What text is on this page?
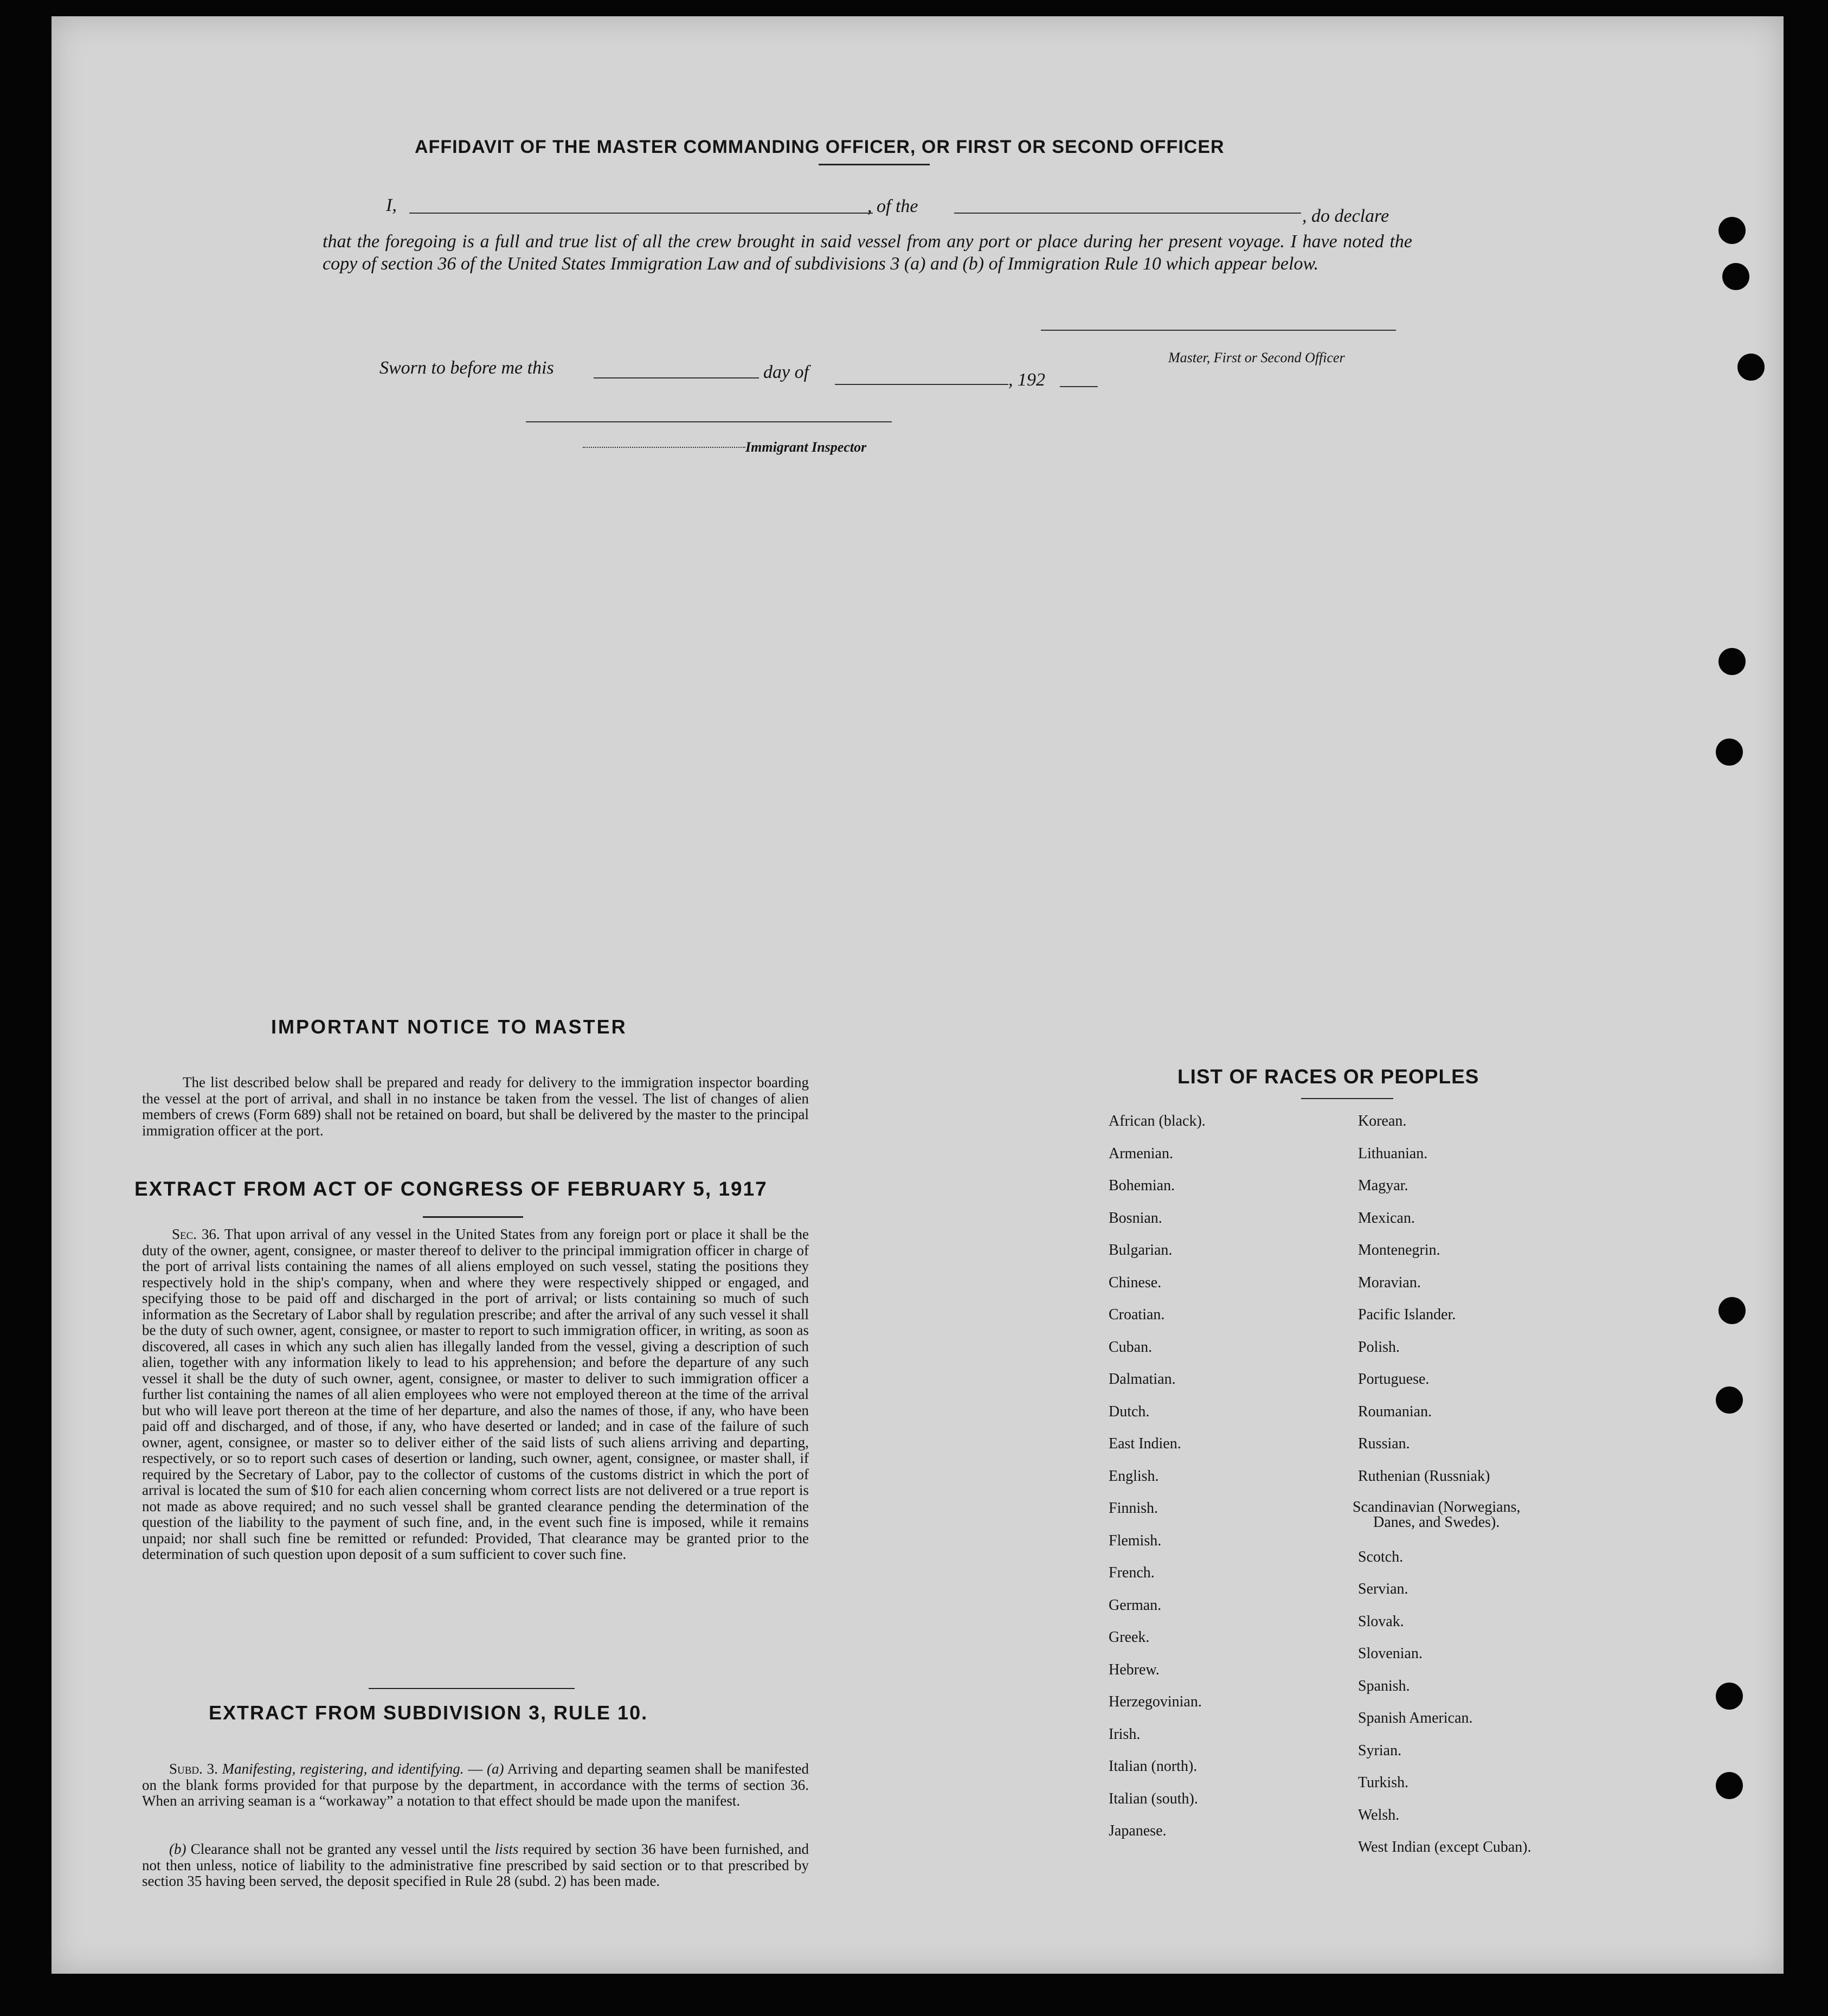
AFFIDAVIT OF THE MASTER COMMANDING OFFICER, OR FIRST OR SECOND OFFICER
I,	, of the	, do declare
that the foregoing is a full and true list of all the crew brought in said vessel from any port or place during her present voyage. I have noted the copy of section 36 of the United States Immigration Law and of subdivisions 3 (a) and (b) of Immigration Rule 10 which appear below.
Master, First or Second Officer
Sworn to before me this	day of	, 192
Immigrant Inspector
IMPORTANT NOTICE TO MASTER
The list described below shall be prepared and ready for delivery to the immigration inspector boarding the vessel at the port of arrival, and shall in no instance be taken from the vessel. The list of changes of alien members of crews (Form 689) shall not be retained on board, but shall be delivered by the master to the principal immigration officer at the port.
EXTRACT FROM ACT OF CONGRESS OF FEBRUARY 5, 1917
Sec. 36. That upon arrival of any vessel in the United States from any foreign port or place it shall be the duty of the owner, agent, consignee, or master thereof to deliver to the principal immigration officer in charge of the port of arrival lists containing the names of all aliens employed on such vessel, stating the positions they respectively hold in the ship's company, when and where they were respectively shipped or engaged, and specifying those to be paid off and discharged in the port of arrival; or lists containing so much of such information as the Secretary of Labor shall by regulation prescribe; and after the arrival of any such vessel it shall be the duty of such owner, agent, consignee, or master to report to such immigration officer, in writing, as soon as discovered, all cases in which any such alien has illegally landed from the vessel, giving a description of such alien, together with any information likely to lead to his apprehension; and before the departure of any such vessel it shall be the duty of such owner, agent, consignee, or master to deliver to such immigration officer a further list containing the names of all alien employees who were not employed thereon at the time of the arrival but who will leave port thereon at the time of her departure, and also the names of those, if any, who have been paid off and discharged, and of those, if any, who have deserted or landed; and in case of the failure of such owner, agent, consignee, or master so to deliver either of the said lists of such aliens arriving and departing, respectively, or so to report such cases of desertion or landing, such owner, agent, consignee, or master shall, if required by the Secretary of Labor, pay to the collector of customs of the customs district in which the port of arrival is located the sum of $10 for each alien concerning whom correct lists are not delivered or a true report is not made as above required; and no such vessel shall be granted clearance pending the determination of the question of the liability to the payment of such fine, and, in the event such fine is imposed, while it remains unpaid; nor shall such fine be remitted or refunded: Provided, That clearance may be granted prior to the determination of such question upon deposit of a sum sufficient to cover such fine.
EXTRACT FROM SUBDIVISION 3, RULE 10.
Subd. 3. Manifesting, registering, and identifying. — (a) Arriving and departing seamen shall be manifested on the blank forms provided for that purpose by the department, in accordance with the terms of section 36. When an arriving seaman is a “workaway” a notation to that effect should be made upon the manifest.
(b) Clearance shall not be granted any vessel until the lists required by section 36 have been furnished, and not then unless, notice of liability to the administrative fine prescribed by said section or to that prescribed by section 35 having been served, the deposit specified in Rule 28 (subd. 2) has been made.
LIST OF RACES OR PEOPLES
African (black).
Armenian.
Bohemian.
Bosnian.
Bulgarian.
Chinese.
Croatian.
Cuban.
Dalmatian.
Dutch.
East Indien.
English.
Finnish.
Flemish.
French.
German.
Greek.
Hebrew.
Herzegovinian.
Irish.
Italian (north).
Italian (south).
Japanese.
Korean.
Lithuanian.
Magyar.
Mexican.
Montenegrin.
Moravian.
Pacific Islander.
Polish.
Portuguese.
Roumanian.
Russian.
Ruthenian (Russniak)
Scandinavian (Norwegians,
Danes, and Swedes).
Scotch.
Servian.
Slovak.
Slovenian.
Spanish.
Spanish American.
Syrian.
Turkish.
Welsh.
West Indian (except Cuban).
